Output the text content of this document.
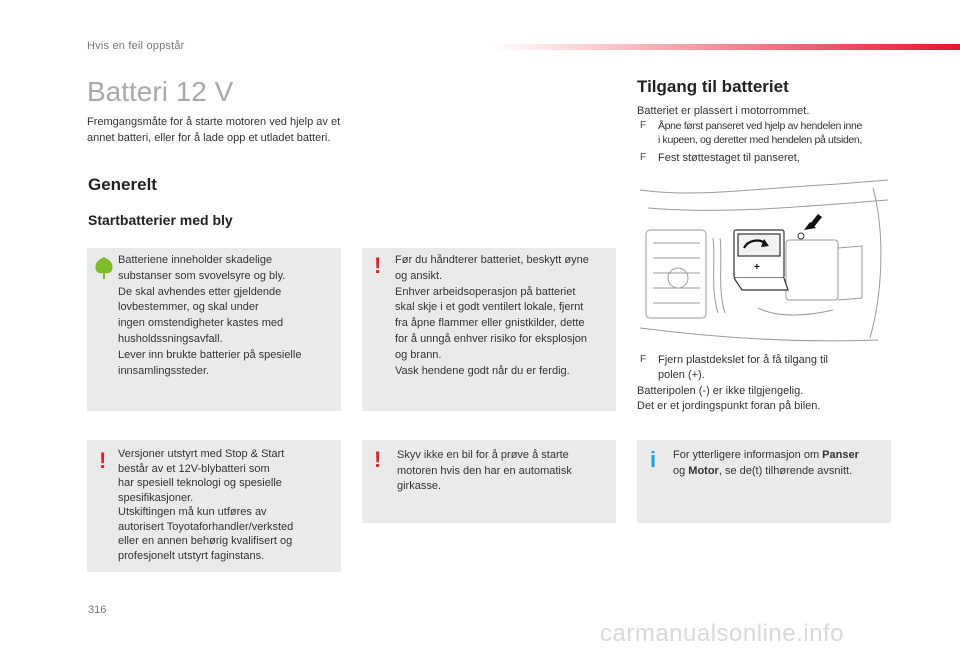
Hvis en feil oppstår
Batteri 12 V
Fremgangsmåte for å starte motoren ved hjelp av et annet batteri, eller for å lade opp et utladet batteri.
Generelt
Startbatterier med bly

Batteriene inneholder skadelige

substanser som svovelsyre og bly.

De skal avhendes etter gjeldende

lovbestemmer, og skal under

ingen omstendigheter kastes med

husholdssningsavfall.

Lever inn brukte batterier på spesielle

innsamlingssteder.

! Før du håndterer batteriet, beskytt øyne

og ansikt.

Enhver arbeidsoperasjon på batteriet

skal skje i et godt ventilert lokale, fjernt

fra åpne flammer eller gnistkilder, dette

for å unngå enhver risiko for eksplosjon

og brann.

Vask hendene godt når du er ferdig.

! Versjoner utstyrt med Stop & Start

består av et 12V-blybatteri som

har spesiell teknologi og spesielle

spesifikasjoner.

Utskiftingen må kun utføres av

autorisert Toyotaforhandler/verksted

eller en annen behørig kvalifisert og

profesjonelt utstyrt faginstans.

! Skyv ikke en bil for å prøve å starte

motoren hvis den har en automatisk

girkasse.

i For ytterligere informasjon om Panser
og Motor, se de(t) tilhørende avsnitt.
Tilgang til batteriet
Batteriet er plassert i motorrommet.
F Åpne først panseret ved hjelp av hendelen inne
i kupeen, og deretter med hendelen på utsiden,
F Fest støttestaget til panseret,
+
F Fjern plastdekslet for å få tilgang til
polen (+).
Batteripolen (-) er ikke tilgjengelig.
Det er et jordingspunkt foran på bilen.
316
carmanualsonline.info
